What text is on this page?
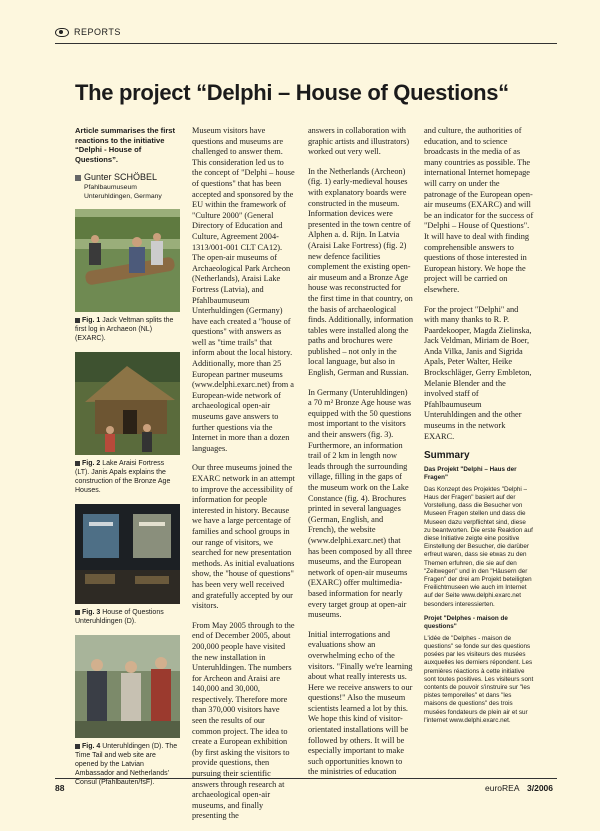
REPORTS
The project “Delphi – House of Questions“
Article summarises the first reactions to the initiative “Delphi - House of Questions”.
Gunter SCHÖBEL
Pfahlbaumuseum
Unteruhldingen, Germany
Fig. 1 Jack Veltman splits the first log in Archaeon (NL) (EXARC).
Fig. 2 Lake Araisi Fortress (LT). Janis Apals explains the construction of the Bronze Age Houses.
Fig. 3 House of Questions Unteruhldingen (D).
Fig. 4 Unteruhldingen (D). The Time Tail and web site are opened by the Latvian Ambassador and Netherlands' Consul (Pfahlbauten/fsF).

Museum visitors have questions and museums are challenged to answer them. This consideration led us to the concept of "Delphi – house of questions" that has been accepted and sponsored by the EU within the framework of "Culture 2000" (General Directory of Education and Culture, Agreement 2004-1313/001-001 CLT CA12). The open-air museums of Archaeological Park Archeon (Netherlands), Araisi Lake Fortress (Latvia), and Pfahlbaumuseum Unterhuldingen (Germany) have each created a "house of questions" with answers as well as "time trails" that inform about the local history. Additionally, more than 25 European partner museums (www.delphi.exarc.net) from a European-wide network of archaeological open-air museums gave answers to further questions via the Internet in more than a dozen languages.

Our three museums joined the EXARC network in an attempt to improve the accessibility of information for people interested in history. Because we have a large percentage of families and school groups in our range of visitors, we searched for new presentation methods. As initial evaluations show, the "house of questions" has been very well received and gratefully accepted by our visitors.

From May 2005 through to the end of December 2005, about 200,000 people have visited the new installation in Unteruhldingen. The numbers for Archeon and Araisi are 140,000 and 30,000, respectively. Therefore more than 370,000 visitors have seen the results of our common project. The idea to create a European exhibition (by first asking the visitors to provide questions, then pursuing their scientific answers through research at archaeological open-air museums, and finally presenting the

answers in collaboration with graphic artists and illustrators) worked out very well.

In the Netherlands (Archeon) (fig. 1) early-medieval houses with explanatory boards were constructed in the museum. Information devices were presented in the town centre of Alphen a. d. Rijn. In Latvia (Araisi Lake Fortress) (fig. 2) new defence facilities complement the existing open-air museum and a Bronze Age house was reconstructed for the first time in that country, on the basis of archaeological finds. Additionally, information tables were installed along the paths and brochures were published – not only in the local language, but also in English, German and Russian.

In Germany (Unteruhldingen) a 70 m² Bronze Age house was equipped with the 50 questions most important to the visitors and their answers (fig. 3). Furthermore, an information trail of 2 km in length now leads through the surrounding village, filling in the gaps of the museum work on the Lake Constance (fig. 4). Brochures printed in several languages (German, English, and French), the website (www.delphi.exarc.net) that has been composed by all three museums, and the European network of open-air museums (EXARC) offer multimedia-based information for nearly every target group at open-air museums.

Initial interrogations and evaluations show an overwhelming echo of the visitors. "Finally we're learning about what really interests us. Here we receive answers to our questions!" Also the museum scientists learned a lot by this. We hope this kind of visitor-orientated installations will be followed by others. It will be especially important to make such opportunities known to the ministries of education

and culture, the authorities of education, and to science broadcasts in the media of as many countries as possible. The international Internet homepage will carry on under the patronage of the European open-air museums (EXARC) and will be an indicator for the success of "Delphi – House of Questions". It will have to deal with finding comprehensible answers to questions of those interested in European history. We hope the project will be carried on elsewhere.

For the project "Delphi" and with many thanks to R. P. Paardekooper, Magda Zielinska, Jack Veldman, Miriam de Boer, Anda Vilka, Janis and Sigrida Apals, Peter Walter, Heike Brockschläger, Gerry Embleton, Melanie Blender and the involved staff of Pfahlbaumuseum Unteruhldingen and the other museums in the network EXARC.

Summary
Das Projekt "Delphi – Haus der Fragen"
Das Konzept des Projektes "Delphi – Haus der Fragen" basiert auf der Vorstellung, dass die Besucher von Museen Fragen stellen und dass die Museen dazu verpflichtet sind, diese zu beantworten. Die erste Reaktion auf diese Initiative zeigte eine positive Einstellung der Besucher, die darüber erfreut waren, dass sie etwas zu den Themen erfuhren, die sie auf den "Zeitwegen" und in den "Häusern der Fragen" der drei am Projekt beteiligten Freilichtmuseen wie auch im Internet auf der Seite www.delphi.exarc.net besonders interessierten.
Projet "Delphes - maison de questions"
L'idée de "Delphes - maison de questions" se fonde sur des questions posées par les visiteurs des musées auxquelles les derniers répondent. Les premières réactions à cette initiative sont toutes positives. Les visiteurs sont contents de pouvoir s'instruire sur "les pistes temporelles" et dans "les maisons de questions" des trois musées fondateurs de plein air et sur l'internet www.delphi.exarc.net.
88	euroREA 3/2006
